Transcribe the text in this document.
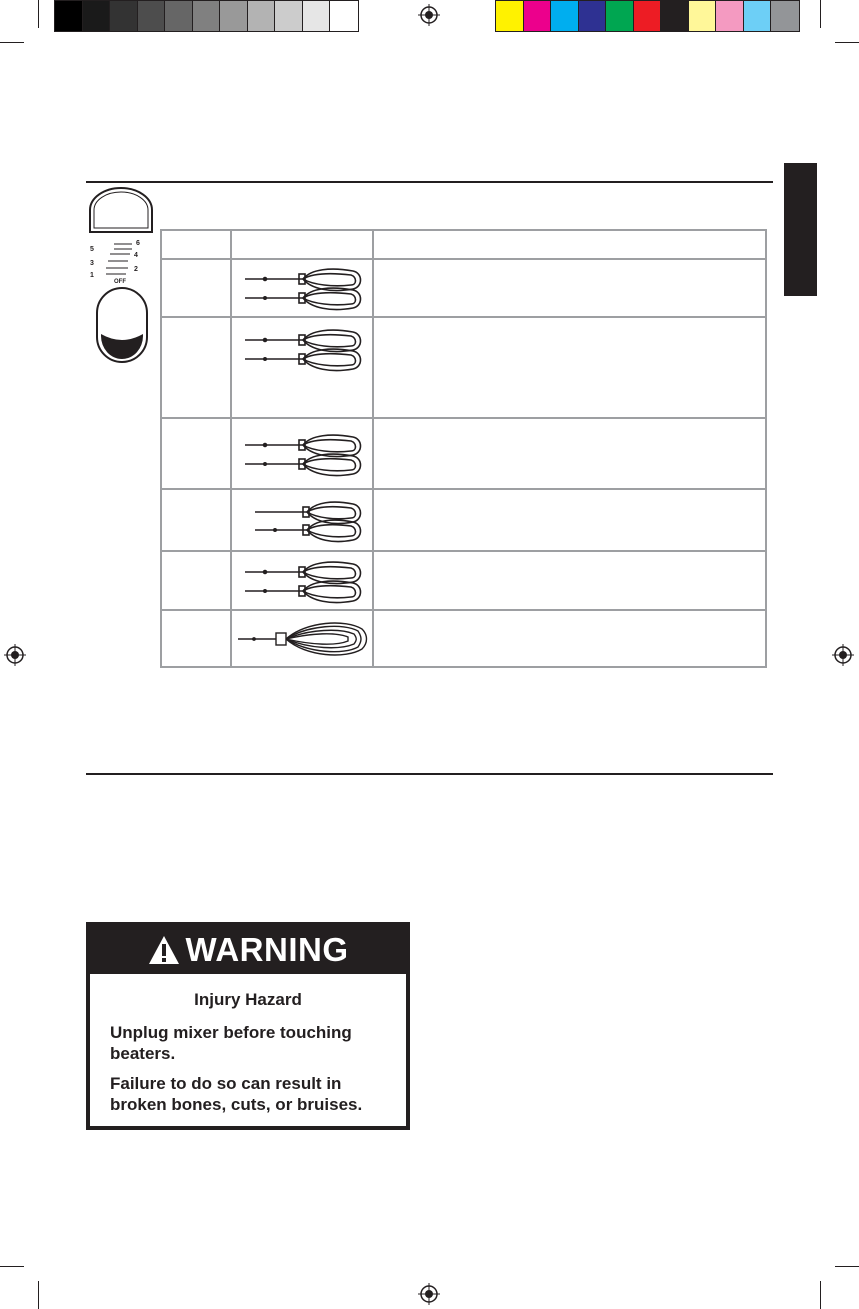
5
3
1
6
4
2
OFF
WARNING
Injury Hazard
Unplug mixer before touching beaters.
Failure to do so can result in broken bones, cuts, or bruises.
